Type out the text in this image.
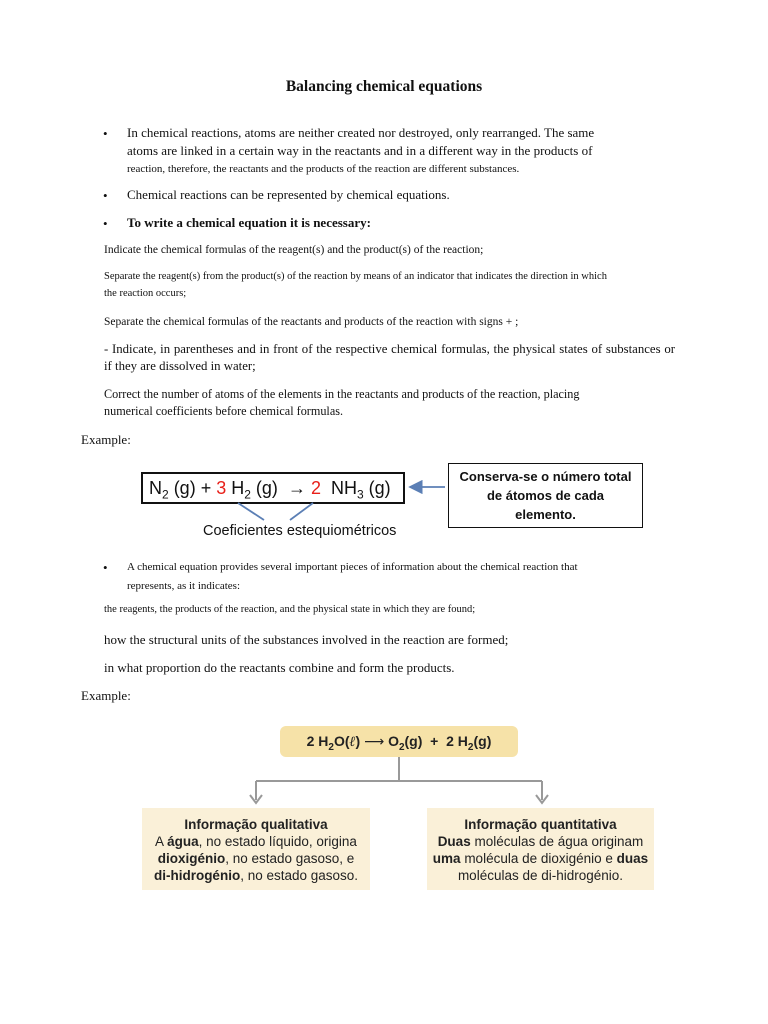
Balancing chemical equations
• In chemical reactions, atoms are neither created nor destroyed, only rearranged. The same
atoms are linked in a certain way in the reactants and in a different way in the products of
reaction, therefore, the reactants and the products of the reaction are different substances.
• Chemical reactions can be represented by chemical equations.
• To write a chemical equation it is necessary:
Indicate the chemical formulas of the reagent(s) and the product(s) of the reaction;
Separate the reagent(s) from the product(s) of the reaction by means of an indicator that indicates the direction in which
the reaction occurs;
Separate the chemical formulas of the reactants and products of the reaction with signs + ;
- Indicate, in parentheses and in front of the respective chemical formulas, the physical states of substances or if they are dissolved in water;
Correct the number of atoms of the elements in the reactants and products of the reaction, placing
numerical coefficients before chemical formulas.
Example:
$N_2$ (g) + 3 $H_2$ (g)  → 2  $NH_3$ (g)
Conserva-se o número total
de átomos de cada
elemento.
Coeficientes estequiométricos
• A chemical equation provides several important pieces of information about the chemical reaction that
represents, as it indicates:
the reagents, the products of the reaction, and the physical state in which they are found;
how the structural units of the substances involved in the reaction are formed;
in what proportion do the reactants combine and form the products.
Example:
2 $H_2O(\ell)$ ⟶ $O_2(g) + 2$ $H_2(g)$
Informação qualitativa
A água, no estado líquido, origina
dioxigénio, no estado gasoso, e
di-hidrogénio, no estado gasoso.
Informação quantitativa
Duas moléculas de água originam
uma molécula de dioxigénio e duas
moléculas de di-hidrogénio.
